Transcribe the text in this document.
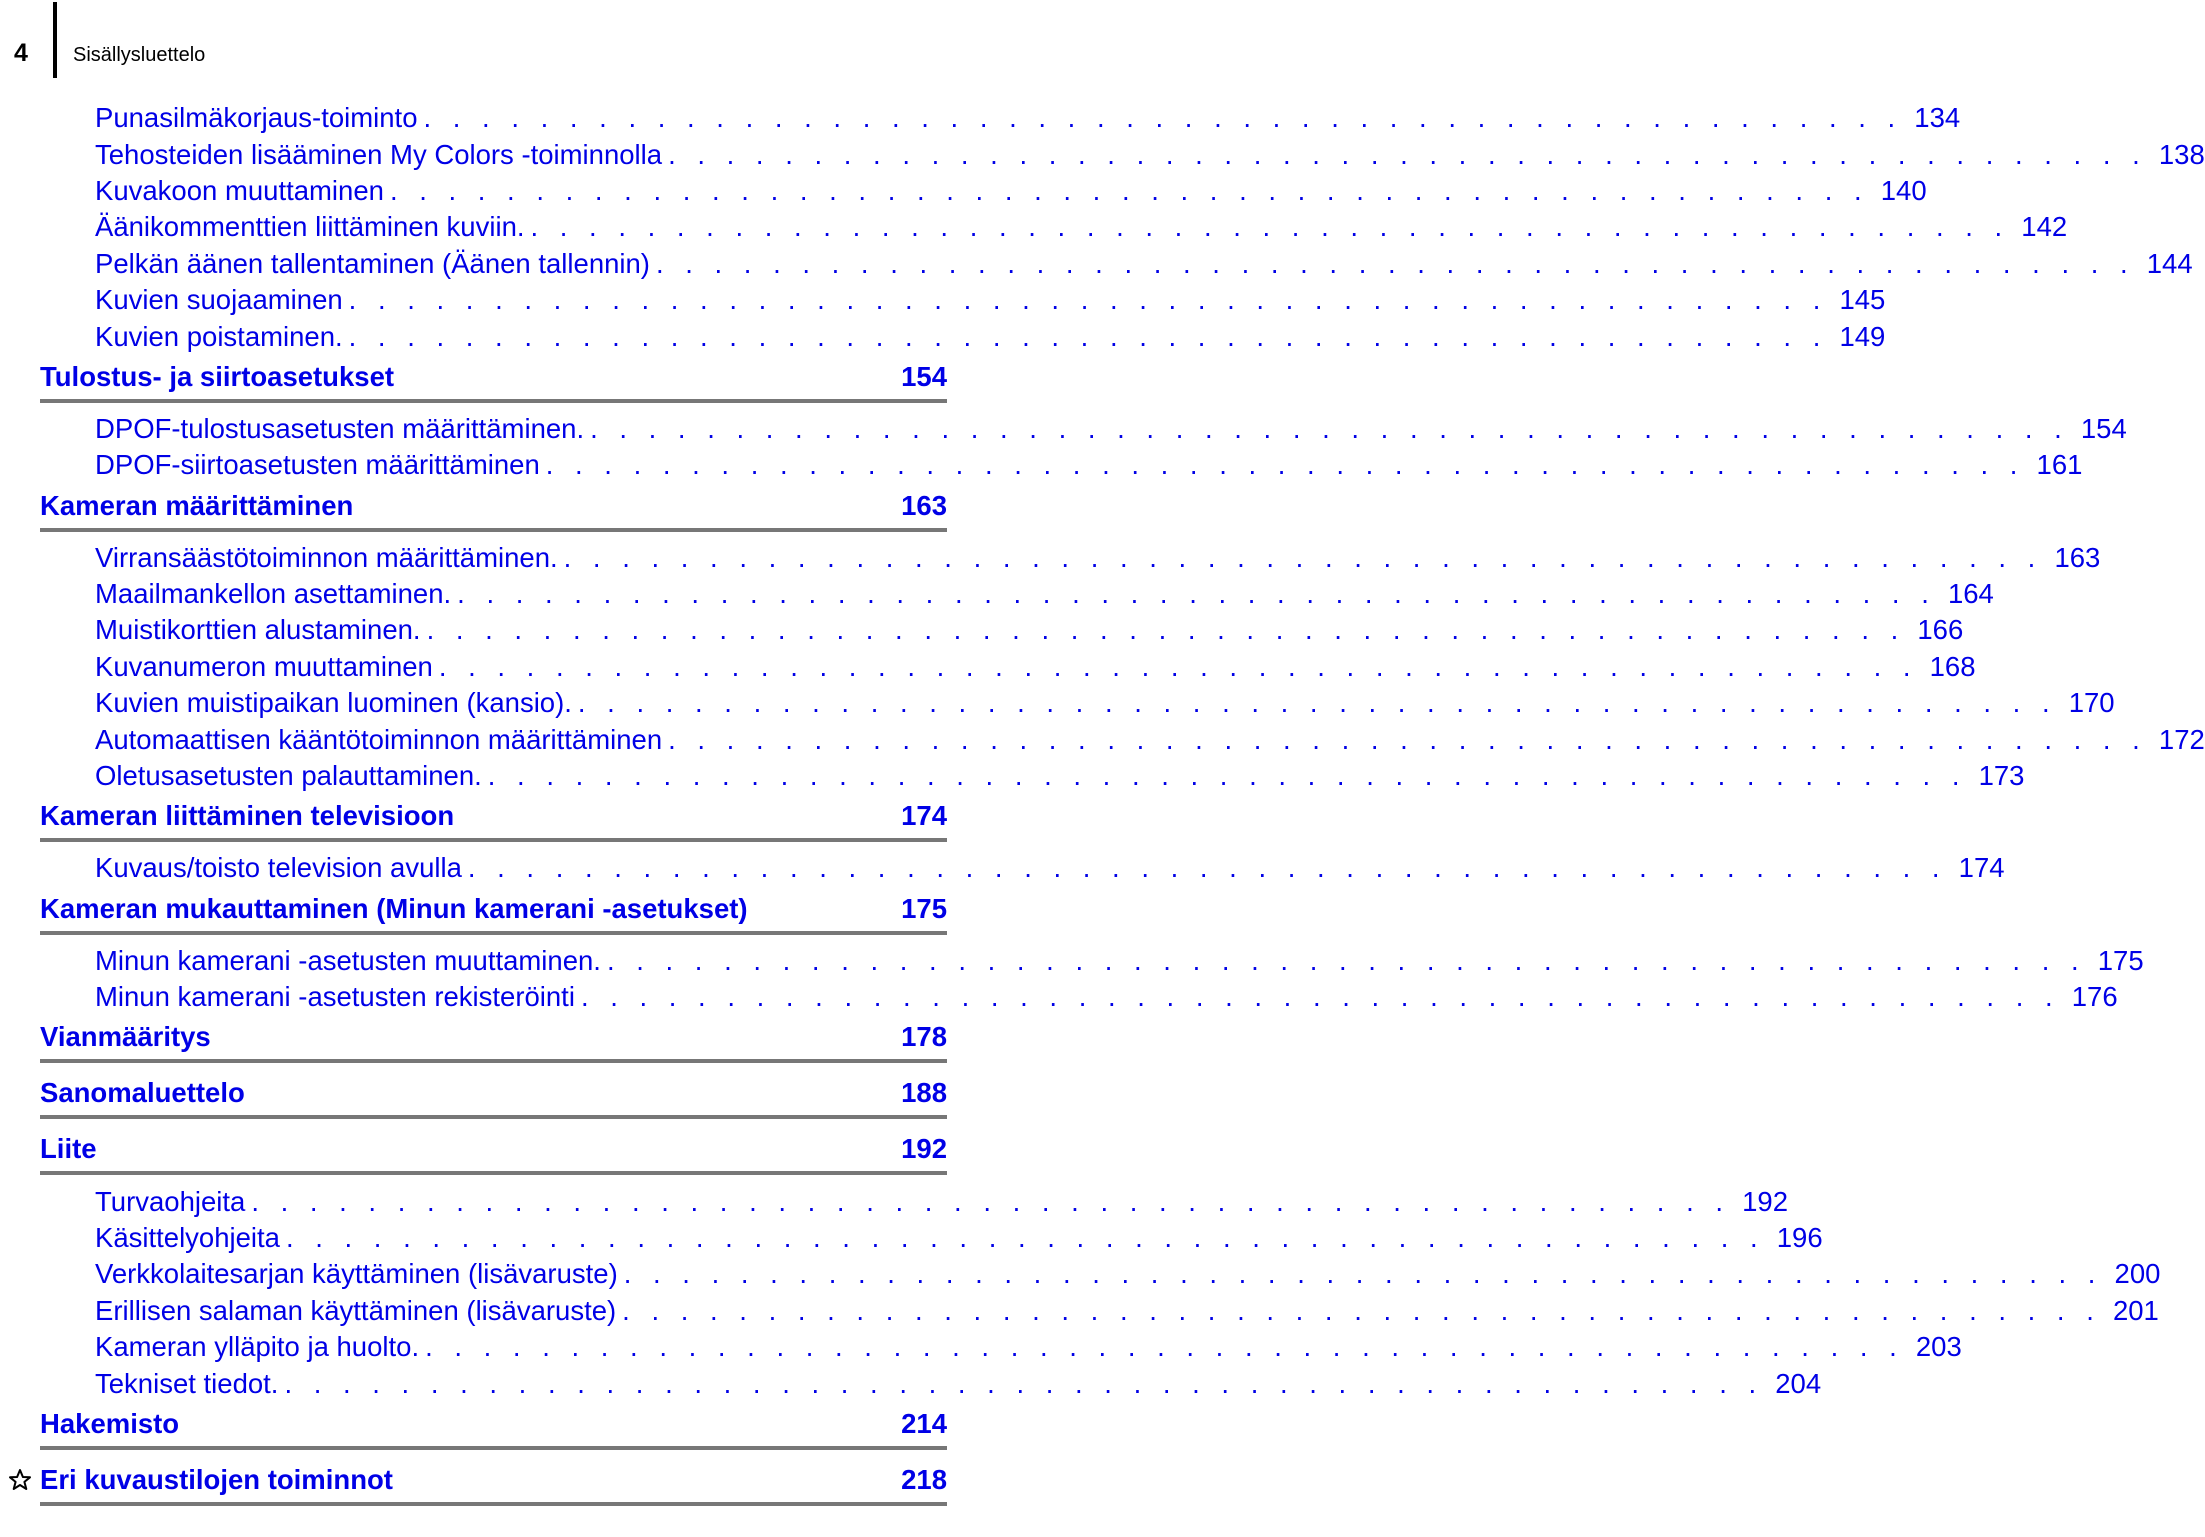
4 Sisällysluettelo
Punasilmäkorjaus-toiminto . . . . . . . . . . . . . . . . . . . . . . . . . . . . . . . . . . . . . . . . . . . . . . . . . . . 134
Tehosteiden lisääminen My Colors -toiminnolla . . . . . . . . . . . . . . . . . . . . . . . . . . . . . . . . . . . . . . . . . . . . . . . . . . . 138
Kuvakoon muuttaminen . . . . . . . . . . . . . . . . . . . . . . . . . . . . . . . . . . . . . . . . . . . . . . . . . . . 140
Äänikommenttien liittäminen kuviin. . . . . . . . . . . . . . . . . . . . . . . . . . . . . . . . . . . . . . . . . . . . . . . . . . . . 142
Pelkän äänen tallentaminen (Äänen tallennin) . . . . . . . . . . . . . . . . . . . . . . . . . . . . . . . . . . . . . . . . . . . . . . . . . . . 144
Kuvien suojaaminen . . . . . . . . . . . . . . . . . . . . . . . . . . . . . . . . . . . . . . . . . . . . . . . . . . . 145
Kuvien poistaminen. . . . . . . . . . . . . . . . . . . . . . . . . . . . . . . . . . . . . . . . . . . . . . . . . . . . 149
Tulostus- ja siirtoasetukset	154
DPOF-tulostusasetusten määrittäminen. . . . . . . . . . . . . . . . . . . . . . . . . . . . . . . . . . . . . . . . . . . . . . . . . . . . 154
DPOF-siirtoasetusten määrittäminen . . . . . . . . . . . . . . . . . . . . . . . . . . . . . . . . . . . . . . . . . . . . . . . . . . . 161
Kameran määrittäminen	163
Virransäästötoiminnon määrittäminen. . . . . . . . . . . . . . . . . . . . . . . . . . . . . . . . . . . . . . . . . . . . . . . . . . . . 163
Maailmankellon asettaminen. . . . . . . . . . . . . . . . . . . . . . . . . . . . . . . . . . . . . . . . . . . . . . . . . . . . 164
Muistikorttien alustaminen. . . . . . . . . . . . . . . . . . . . . . . . . . . . . . . . . . . . . . . . . . . . . . . . . . . . 166
Kuvanumeron muuttaminen . . . . . . . . . . . . . . . . . . . . . . . . . . . . . . . . . . . . . . . . . . . . . . . . . . . 168
Kuvien muistipaikan luominen (kansio). . . . . . . . . . . . . . . . . . . . . . . . . . . . . . . . . . . . . . . . . . . . . . . . . . . . 170
Automaattisen kääntötoiminnon määrittäminen . . . . . . . . . . . . . . . . . . . . . . . . . . . . . . . . . . . . . . . . . . . . . . . . . . . 172
Oletusasetusten palauttaminen. . . . . . . . . . . . . . . . . . . . . . . . . . . . . . . . . . . . . . . . . . . . . . . . . . . . 173
Kameran liittäminen televisioon	174
Kuvaus/toisto television avulla . . . . . . . . . . . . . . . . . . . . . . . . . . . . . . . . . . . . . . . . . . . . . . . . . . . 174
Kameran mukauttaminen (Minun kamerani -asetukset)	175
Minun kamerani -asetusten muuttaminen. . . . . . . . . . . . . . . . . . . . . . . . . . . . . . . . . . . . . . . . . . . . . . . . . . . . 175
Minun kamerani -asetusten rekisteröinti . . . . . . . . . . . . . . . . . . . . . . . . . . . . . . . . . . . . . . . . . . . . . . . . . . . 176
Vianmääritys	178
Sanomaluettelo	188
Liite	192
Turvaohjeita . . . . . . . . . . . . . . . . . . . . . . . . . . . . . . . . . . . . . . . . . . . . . . . . . . . 192
Käsittelyohjeita . . . . . . . . . . . . . . . . . . . . . . . . . . . . . . . . . . . . . . . . . . . . . . . . . . . 196
Verkkolaitesarjan käyttäminen (lisävaruste) . . . . . . . . . . . . . . . . . . . . . . . . . . . . . . . . . . . . . . . . . . . . . . . . . . . 200
Erillisen salaman käyttäminen (lisävaruste) . . . . . . . . . . . . . . . . . . . . . . . . . . . . . . . . . . . . . . . . . . . . . . . . . . . 201
Kameran ylläpito ja huolto. . . . . . . . . . . . . . . . . . . . . . . . . . . . . . . . . . . . . . . . . . . . . . . . . . . . 203
Tekniset tiedot. . . . . . . . . . . . . . . . . . . . . . . . . . . . . . . . . . . . . . . . . . . . . . . . . . . . 204
Hakemisto	214
Eri kuvaustilojen toiminnot	218
